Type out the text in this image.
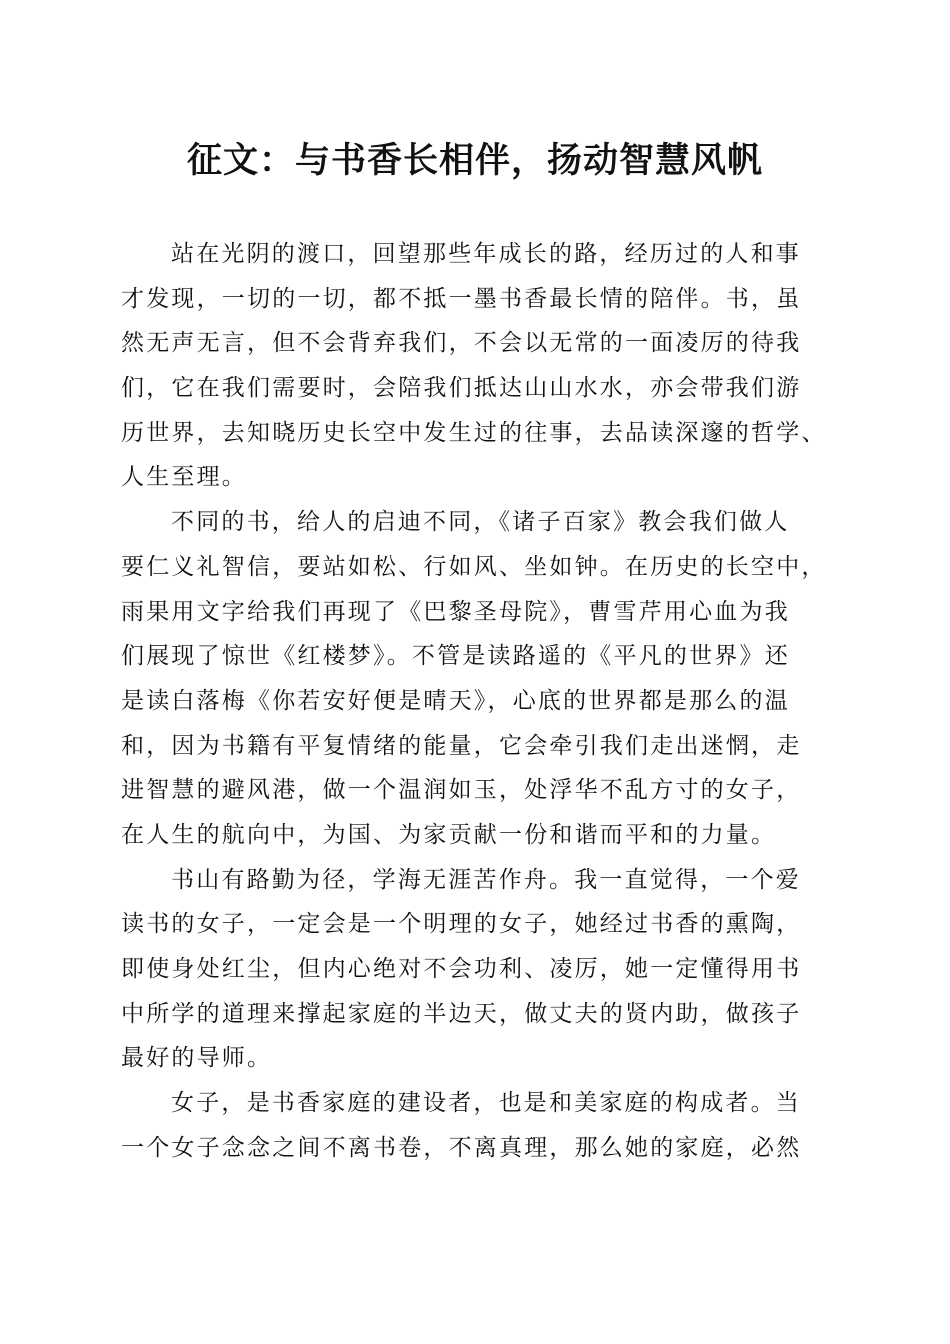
征文：与书香长相伴，扬动智慧风帆
站在光阴的渡口，回望那些年成长的路，经历过的人和事
才发现，一切的一切，都不抵一墨书香最长情的陪伴。书，虽
然无声无言，但不会背弃我们，不会以无常的一面凌厉的待我
们，它在我们需要时，会陪我们抵达山山水水，亦会带我们游
历世界，去知晓历史长空中发生过的往事，去品读深邃的哲学、
人生至理。
不同的书，给人的启迪不同，《诸子百家》教会我们做人
要仁义礼智信，要站如松、行如风、坐如钟。在历史的长空中，
雨果用文字给我们再现了《巴黎圣母院》，曹雪芹用心血为我
们展现了惊世《红楼梦》。不管是读路遥的《平凡的世界》还
是读白落梅《你若安好便是晴天》，心底的世界都是那么的温
和，因为书籍有平复情绪的能量，它会牵引我们走出迷惘，走
进智慧的避风港，做一个温润如玉，处浮华不乱方寸的女子，
在人生的航向中，为国、为家贡献一份和谐而平和的力量。
书山有路勤为径，学海无涯苦作舟。我一直觉得，一个爱
读书的女子，一定会是一个明理的女子，她经过书香的熏陶，
即使身处红尘，但内心绝对不会功利、凌厉，她一定懂得用书
中所学的道理来撑起家庭的半边天，做丈夫的贤内助，做孩子
最好的导师。
女子，是书香家庭的建设者，也是和美家庭的构成者。当
一个女子念念之间不离书卷，不离真理，那么她的家庭，必然
